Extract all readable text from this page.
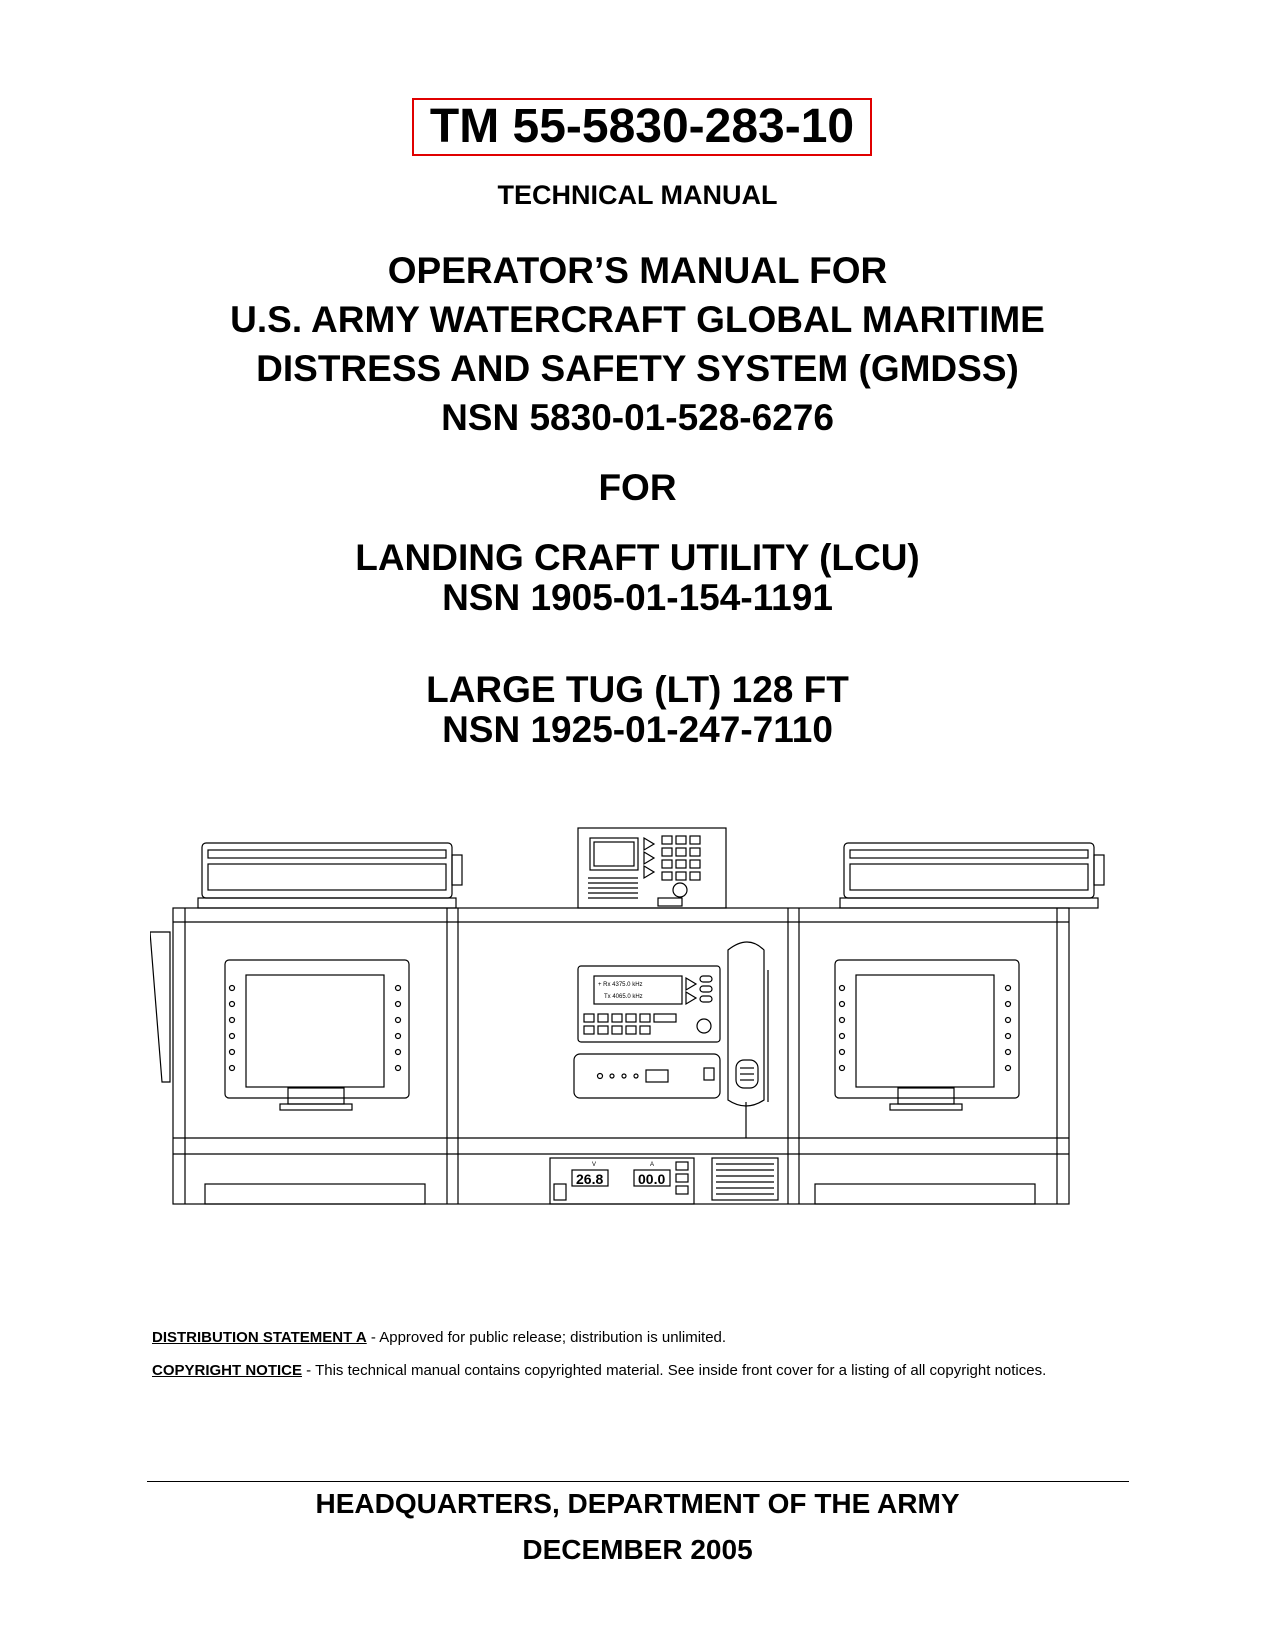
TM 55-5830-283-10
TECHNICAL MANUAL
OPERATOR’S MANUAL FOR
U.S. ARMY WATERCRAFT GLOBAL MARITIME
DISTRESS AND SAFETY SYSTEM (GMDSS)
NSN 5830-01-528-6276
FOR
LANDING CRAFT UTILITY (LCU)
NSN 1905-01-154-1191
LARGE TUG (LT) 128 FT
NSN 1925-01-247-7110
+ Rx 4375.0 kHz
Tx 4065.0 kHz
V
26.8
A
00.0
DISTRIBUTION STATEMENT A - Approved for public release; distribution is unlimited.
COPYRIGHT NOTICE - This technical manual contains copyrighted material. See inside front cover for a listing of all copyright notices.
HEADQUARTERS, DEPARTMENT OF THE ARMY
DECEMBER 2005
